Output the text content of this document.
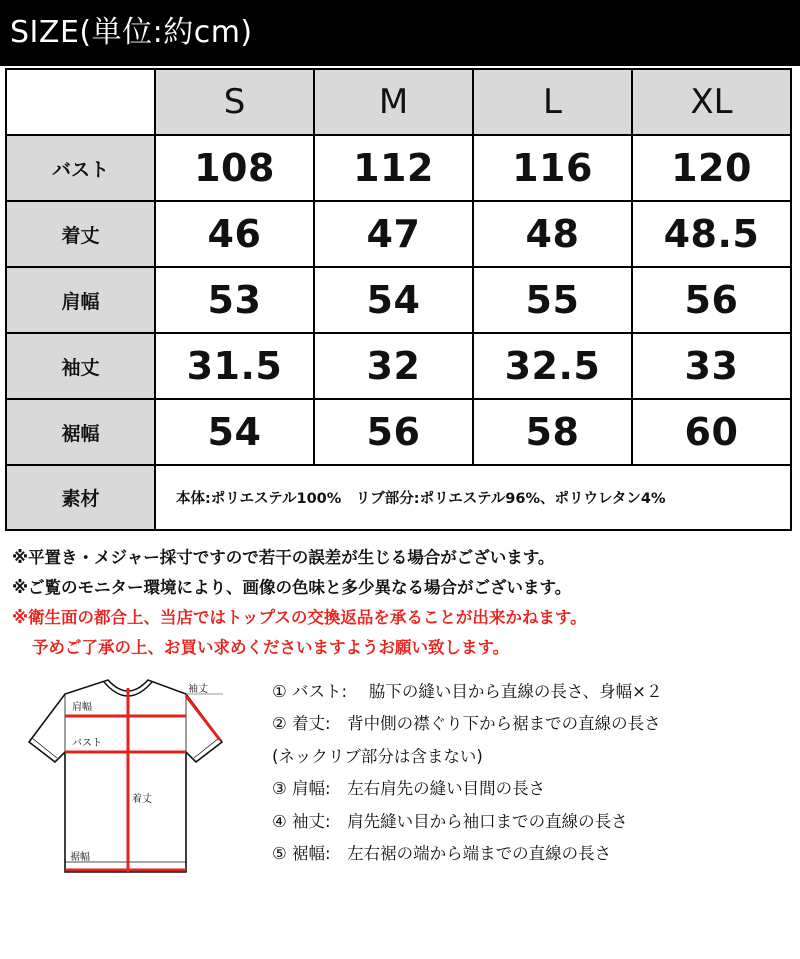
SIZE(単位:約cm)
	S	M	L	XL
バスト	108	112	116	120
着丈	46	47	48	48.5
肩幅	53	54	55	56
袖丈	31.5	32	32.5	33
裾幅	54	56	58	60
素材	本体:ポリエステル100%　リブ部分:ポリエステル96%、ポリウレタン4%			
※平置き・メジャー採寸ですので若干の誤差が生じる場合がございます。
※ご覧のモニター環境により、画像の色味と多少異なる場合がございます。
※衛生面の都合上、当店ではトップスの交換返品を承ることが出来かねます。
予めご了承の上、お買い求めくださいますようお願い致します。
袖丈
肩幅
バスト
着丈
裾幅
① バスト:　 脇下の縫い目から直線の長さ、身幅×２
② 着丈:　背中側の襟ぐり下から裾までの直線の長さ
(ネックリブ部分は含まない)
③ 肩幅:　左右肩先の縫い目間の長さ
④ 袖丈:　肩先縫い目から袖口までの直線の長さ
⑤ 裾幅:　左右裾の端から端までの直線の長さ
